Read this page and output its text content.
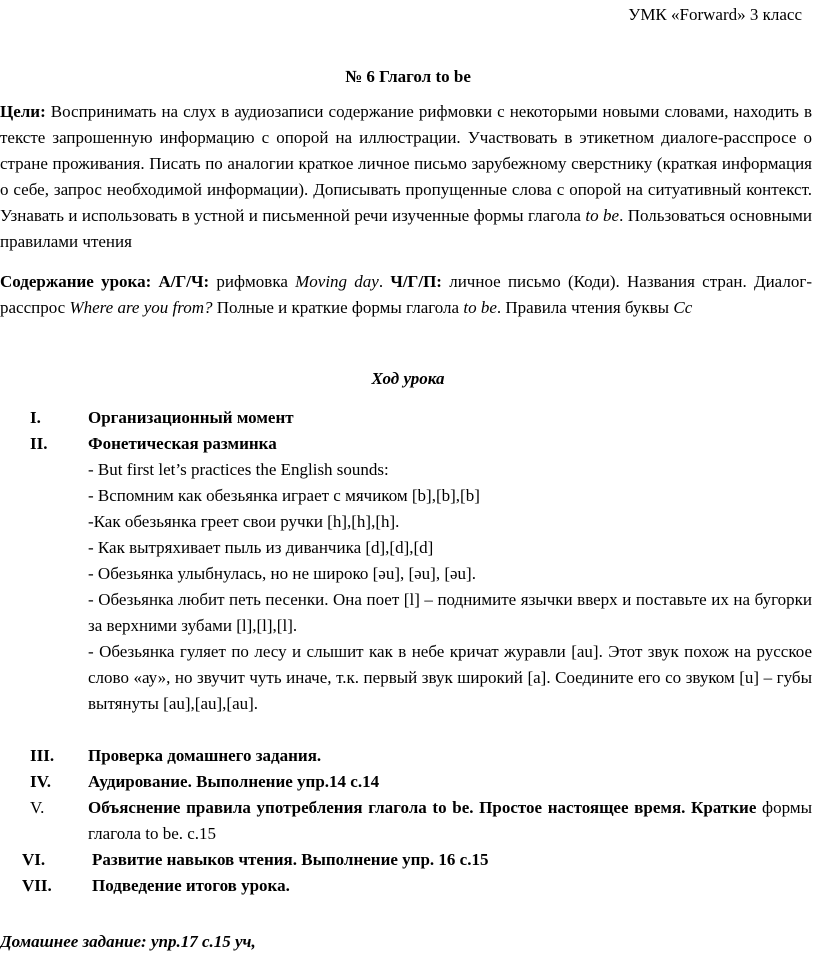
УМК «Forward» 3 класс
№ 6 Глагол to be
Цели: Воспринимать на слух в аудиозаписи содержание рифмовки с некоторыми новыми словами, находить в тексте запрошенную информацию с опорой на иллюстрации. Участвовать в этикетном диалоге-расспросе о стране проживания. Писать по аналогии краткое личное письмо зарубежному сверстнику (краткая информация о себе, запрос необходимой информации). Дописывать пропущенные слова с опорой на ситуативный контекст. Узнавать и использовать в устной и письменной речи изученные формы глагола to be. Пользоваться основными правилами чтения
Содержание урока: А/Г/Ч: рифмовка Moving day. Ч/Г/П: личное письмо (Коди). Названия стран. Диалог-расспрос Where are you from? Полные и краткие формы глагола to be. Правила чтения буквы Cc
Ход урока
I.	Организационный момент
II. Фонетическая разминка
- But first let’s practices the English sounds:
- Вспомним как обезьянка играет с мячиком [b],[b],[b]
-Как обезьянка греет свои ручки [h],[h],[h].
- Как вытряхивает пыль из диванчика [d],[d],[d]
- Обезьянка улыбнулась, но не широко [əu], [əu], [əu].
- Обезьянка любит петь песенки. Она поет [l] – поднимите язычки вверх и поставьте их на бугорки за верхними зубами [l],[l],[l].
- Обезьянка гуляет по лесу и слышит как в небе кричат журавли [au]. Этот звук похож на русское слово «ау», но звучит чуть иначе, т.к. первый звук широкий [a]. Соедините его со звуком [u] – губы вытянуты [au],[au],[au].
III. Проверка домашнего задания.
IV. Аудирование. Выполнение упр.14 с.14
V.	Объяснение правила употребления глагола to be. Простое настоящее время. Краткие формы глагола to be. с.15
VI.	Развитие навыков чтения. Выполнение упр. 16 с.15
VII. Подведение итогов урока.
Домашнее задание: упр.17 с.15 уч,
